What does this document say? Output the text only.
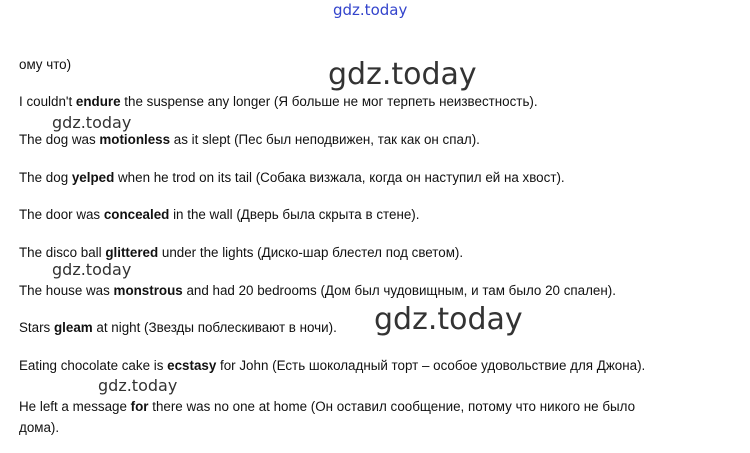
gdz.today
gdz.today
gdz.today
gdz.today
gdz.today
gdz.today
ому что)
I couldn't endure the suspense any longer (Я больше не мог терпеть неизвестность).
The dog was motionless as it slept (Пес был неподвижен, так как он спал).
The dog yelped when he trod on its tail (Собака визжала, когда он наступил ей на хвост).
The door was concealed in the wall (Дверь была скрыта в стене).
The disco ball glittered under the lights (Диско-шар блестел под светом).
The house was monstrous and had 20 bedrooms (Дом был чудовищным, и там было 20 спален).
Stars gleam at night (Звезды поблескивают в ночи).
Eating chocolate cake is ecstasy for John (Есть шоколадный торт – особое удовольствие для Джона).
He left a message for there was no one at home (Он оставил сообщение, потому что никого не было
дома).
